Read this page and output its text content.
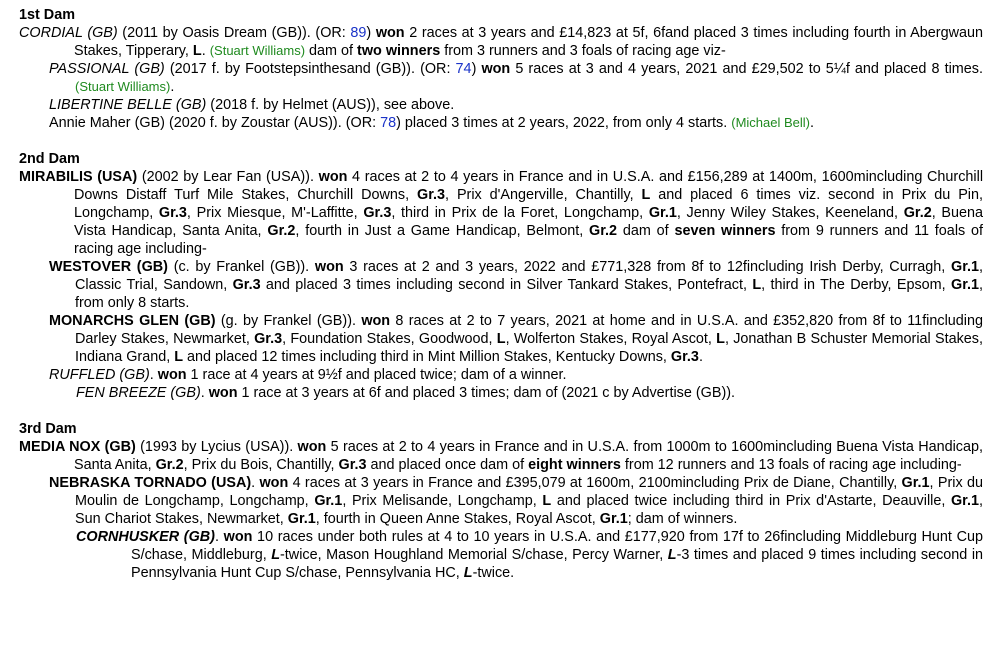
1st Dam
CORDIAL (GB) (2011 by Oasis Dream (GB)). (OR: 89) won 2 races at 3 years and £14,823 at 5f, 6fand placed 3 times including fourth in Abergwaun Stakes, Tipperary, L. (Stuart Williams) dam of two winners from 3 runners and 3 foals of racing age viz-
PASSIONAL (GB) (2017 f. by Footstepsinthesand (GB)). (OR: 74) won 5 races at 3 and 4 years, 2021 and £29,502 to 5¼f and placed 8 times. (Stuart Williams).
LIBERTINE BELLE (GB) (2018 f. by Helmet (AUS)), see above.
Annie Maher (GB) (2020 f. by Zoustar (AUS)). (OR: 78) placed 3 times at 2 years, 2022, from only 4 starts. (Michael Bell).
2nd Dam
MIRABILIS (USA) (2002 by Lear Fan (USA)). won 4 races at 2 to 4 years in France and in U.S.A. and £156,289 at 1400m, 1600mincluding Churchill Downs Distaff Turf Mile Stakes, Churchill Downs, Gr.3, Prix d'Angerville, Chantilly, L and placed 6 times viz. second in Prix du Pin, Longchamp, Gr.3, Prix Miesque, M'-Laffitte, Gr.3, third in Prix de la Foret, Longchamp, Gr.1, Jenny Wiley Stakes, Keeneland, Gr.2, Buena Vista Handicap, Santa Anita, Gr.2, fourth in Just a Game Handicap, Belmont, Gr.2 dam of seven winners from 9 runners and 11 foals of racing age including-
WESTOVER (GB) (c. by Frankel (GB)). won 3 races at 2 and 3 years, 2022 and £771,328 from 8f to 12fincluding Irish Derby, Curragh, Gr.1, Classic Trial, Sandown, Gr.3 and placed 3 times including second in Silver Tankard Stakes, Pontefract, L, third in The Derby, Epsom, Gr.1, from only 8 starts.
MONARCHS GLEN (GB) (g. by Frankel (GB)). won 8 races at 2 to 7 years, 2021 at home and in U.S.A. and £352,820 from 8f to 11fincluding Darley Stakes, Newmarket, Gr.3, Foundation Stakes, Goodwood, L, Wolferton Stakes, Royal Ascot, L, Jonathan B Schuster Memorial Stakes, Indiana Grand, L and placed 12 times including third in Mint Million Stakes, Kentucky Downs, Gr.3.
RUFFLED (GB). won 1 race at 4 years at 9½f and placed twice; dam of a winner.
FEN BREEZE (GB). won 1 race at 3 years at 6f and placed 3 times; dam of (2021 c by Advertise (GB)).
3rd Dam
MEDIA NOX (GB) (1993 by Lycius (USA)). won 5 races at 2 to 4 years in France and in U.S.A. from 1000m to 1600mincluding Buena Vista Handicap, Santa Anita, Gr.2, Prix du Bois, Chantilly, Gr.3 and placed once dam of eight winners from 12 runners and 13 foals of racing age including-
NEBRASKA TORNADO (USA). won 4 races at 3 years in France and £395,079 at 1600m, 2100mincluding Prix de Diane, Chantilly, Gr.1, Prix du Moulin de Longchamp, Longchamp, Gr.1, Prix Melisande, Longchamp, L and placed twice including third in Prix d'Astarte, Deauville, Gr.1, Sun Chariot Stakes, Newmarket, Gr.1, fourth in Queen Anne Stakes, Royal Ascot, Gr.1; dam of winners.
CORNHUSKER (GB). won 10 races under both rules at 4 to 10 years in U.S.A. and £177,920 from 17f to 26fincluding Middleburg Hunt Cup S/chase, Middleburg, L-twice, Mason Houghland Memorial S/chase, Percy Warner, L-3 times and placed 9 times including second in Pennsylvania Hunt Cup S/chase, Pennsylvania HC, L-twice.
